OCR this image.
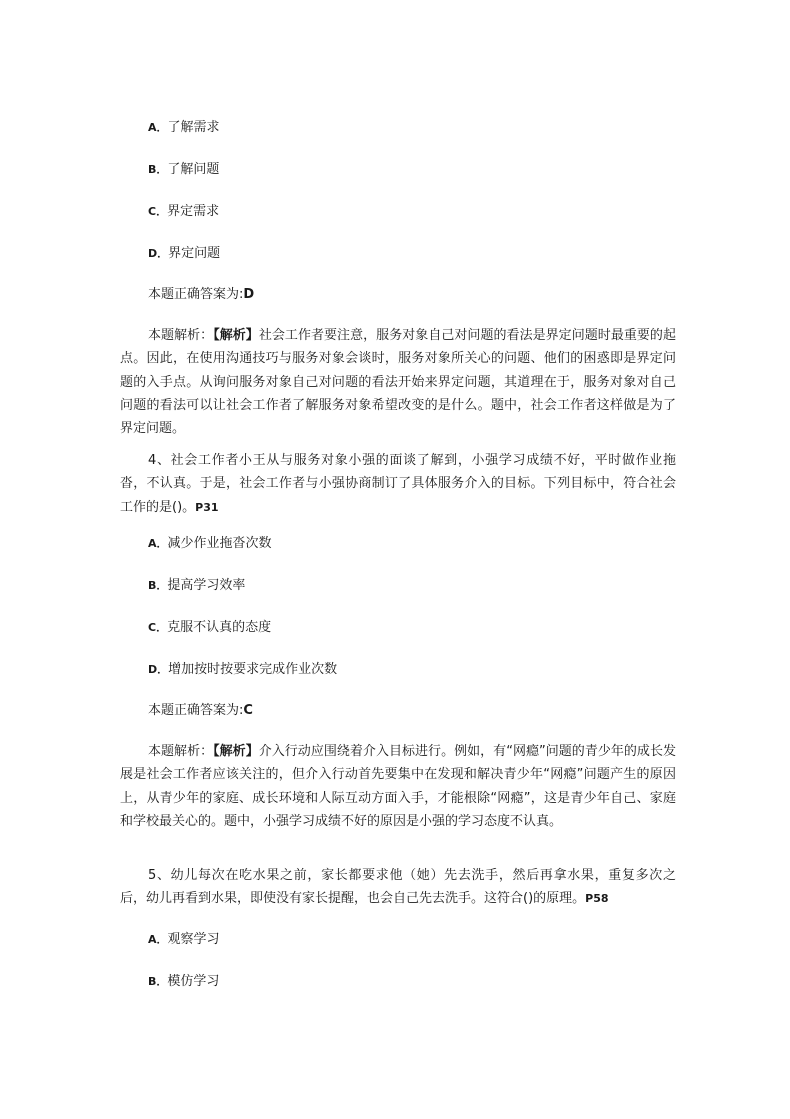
A．了解需求
B．了解问题
C．界定需求
D．界定问题
本题正确答案为:D
本题解析：【解析】社会工作者要注意，服务对象自己对问题的看法是界定问题时最重要的起点。因此，在使用沟通技巧与服务对象会谈时，服务对象所关心的问题、他们的困惑即是界定问题的入手点。从询问服务对象自己对问题的看法开始来界定问题，其道理在于，服务对象对自己问题的看法可以让社会工作者了解服务对象希望改变的是什么。题中，社会工作者这样做是为了界定问题。
4、社会工作者小王从与服务对象小强的面谈了解到，小强学习成绩不好，平时做作业拖沓，不认真。于是，社会工作者与小强协商制订了具体服务介入的目标。下列目标中，符合社会工作的是()。P31
A．减少作业拖沓次数
B．提高学习效率
C．克服不认真的态度
D．增加按时按要求完成作业次数
本题正确答案为:C
本题解析：【解析】介入行动应围绕着介入目标进行。例如，有“网瘾”问题的青少年的成长发展是社会工作者应该关注的，但介入行动首先要集中在发现和解决青少年“网瘾”问题产生的原因上，从青少年的家庭、成长环境和人际互动方面入手，才能根除“网瘾”，这是青少年自己、家庭和学校最关心的。题中，小强学习成绩不好的原因是小强的学习态度不认真。
5、幼儿每次在吃水果之前，家长都要求他（她）先去洗手，然后再拿水果，重复多次之后，幼儿再看到水果，即使没有家长提醒，也会自己先去洗手。这符合()的原理。P58
A．观察学习
B．模仿学习
